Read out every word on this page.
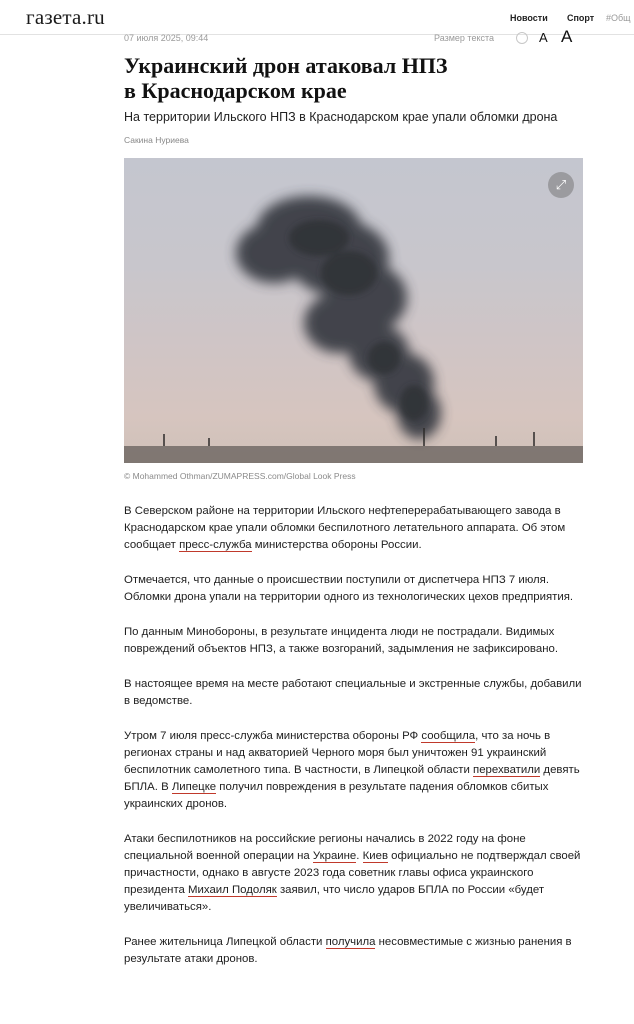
газета.ru	Новости Спорт #Общ
07 июля 2025, 09:44	Размер текста	A A
Украинский дрон атаковал НПЗ
в Краснодарском крае
На территории Ильского НПЗ в Краснодарском крае упали обломки дрона
Сакина Нуриева
⤢
© Mohammed Othman/ZUMAPRESS.com/Global Look Press

В Северском районе на территории Ильского нефтеперерабатывающего завода в Краснодарском крае упали обломки беспилотного летательного аппарата. Об этом сообщает пресс-служба министерства обороны России.

Отмечается, что данные о происшествии поступили от диспетчера НПЗ 7 июля. Обломки дрона упали на территории одного из технологических цехов предприятия.

По данным Минобороны, в результате инцидента люди не пострадали. Видимых повреждений объектов НПЗ, а также возгораний, задымления не зафиксировано.

В настоящее время на месте работают специальные и экстренные службы, добавили в ведомстве.

Утром 7 июля пресс-служба министерства обороны РФ сообщила, что за ночь в регионах страны и над акваторией Черного моря был уничтожен 91 украинский беспилотник самолетного типа. В частности, в Липецкой области перехватили девять БПЛА. В Липецке получил повреждения в результате падения обломков сбитых украинских дронов.

Атаки беспилотников на российские регионы начались в 2022 году на фоне специальной военной операции на Украине. Киев официально не подтверждал своей причастности, однако в августе 2023 года советник главы офиса украинского президента Михаил Подоляк заявил, что число ударов БПЛА по России «будет увеличиваться».

Ранее жительница Липецкой области получила несовместимые с жизнью ранения в результате атаки дронов.
